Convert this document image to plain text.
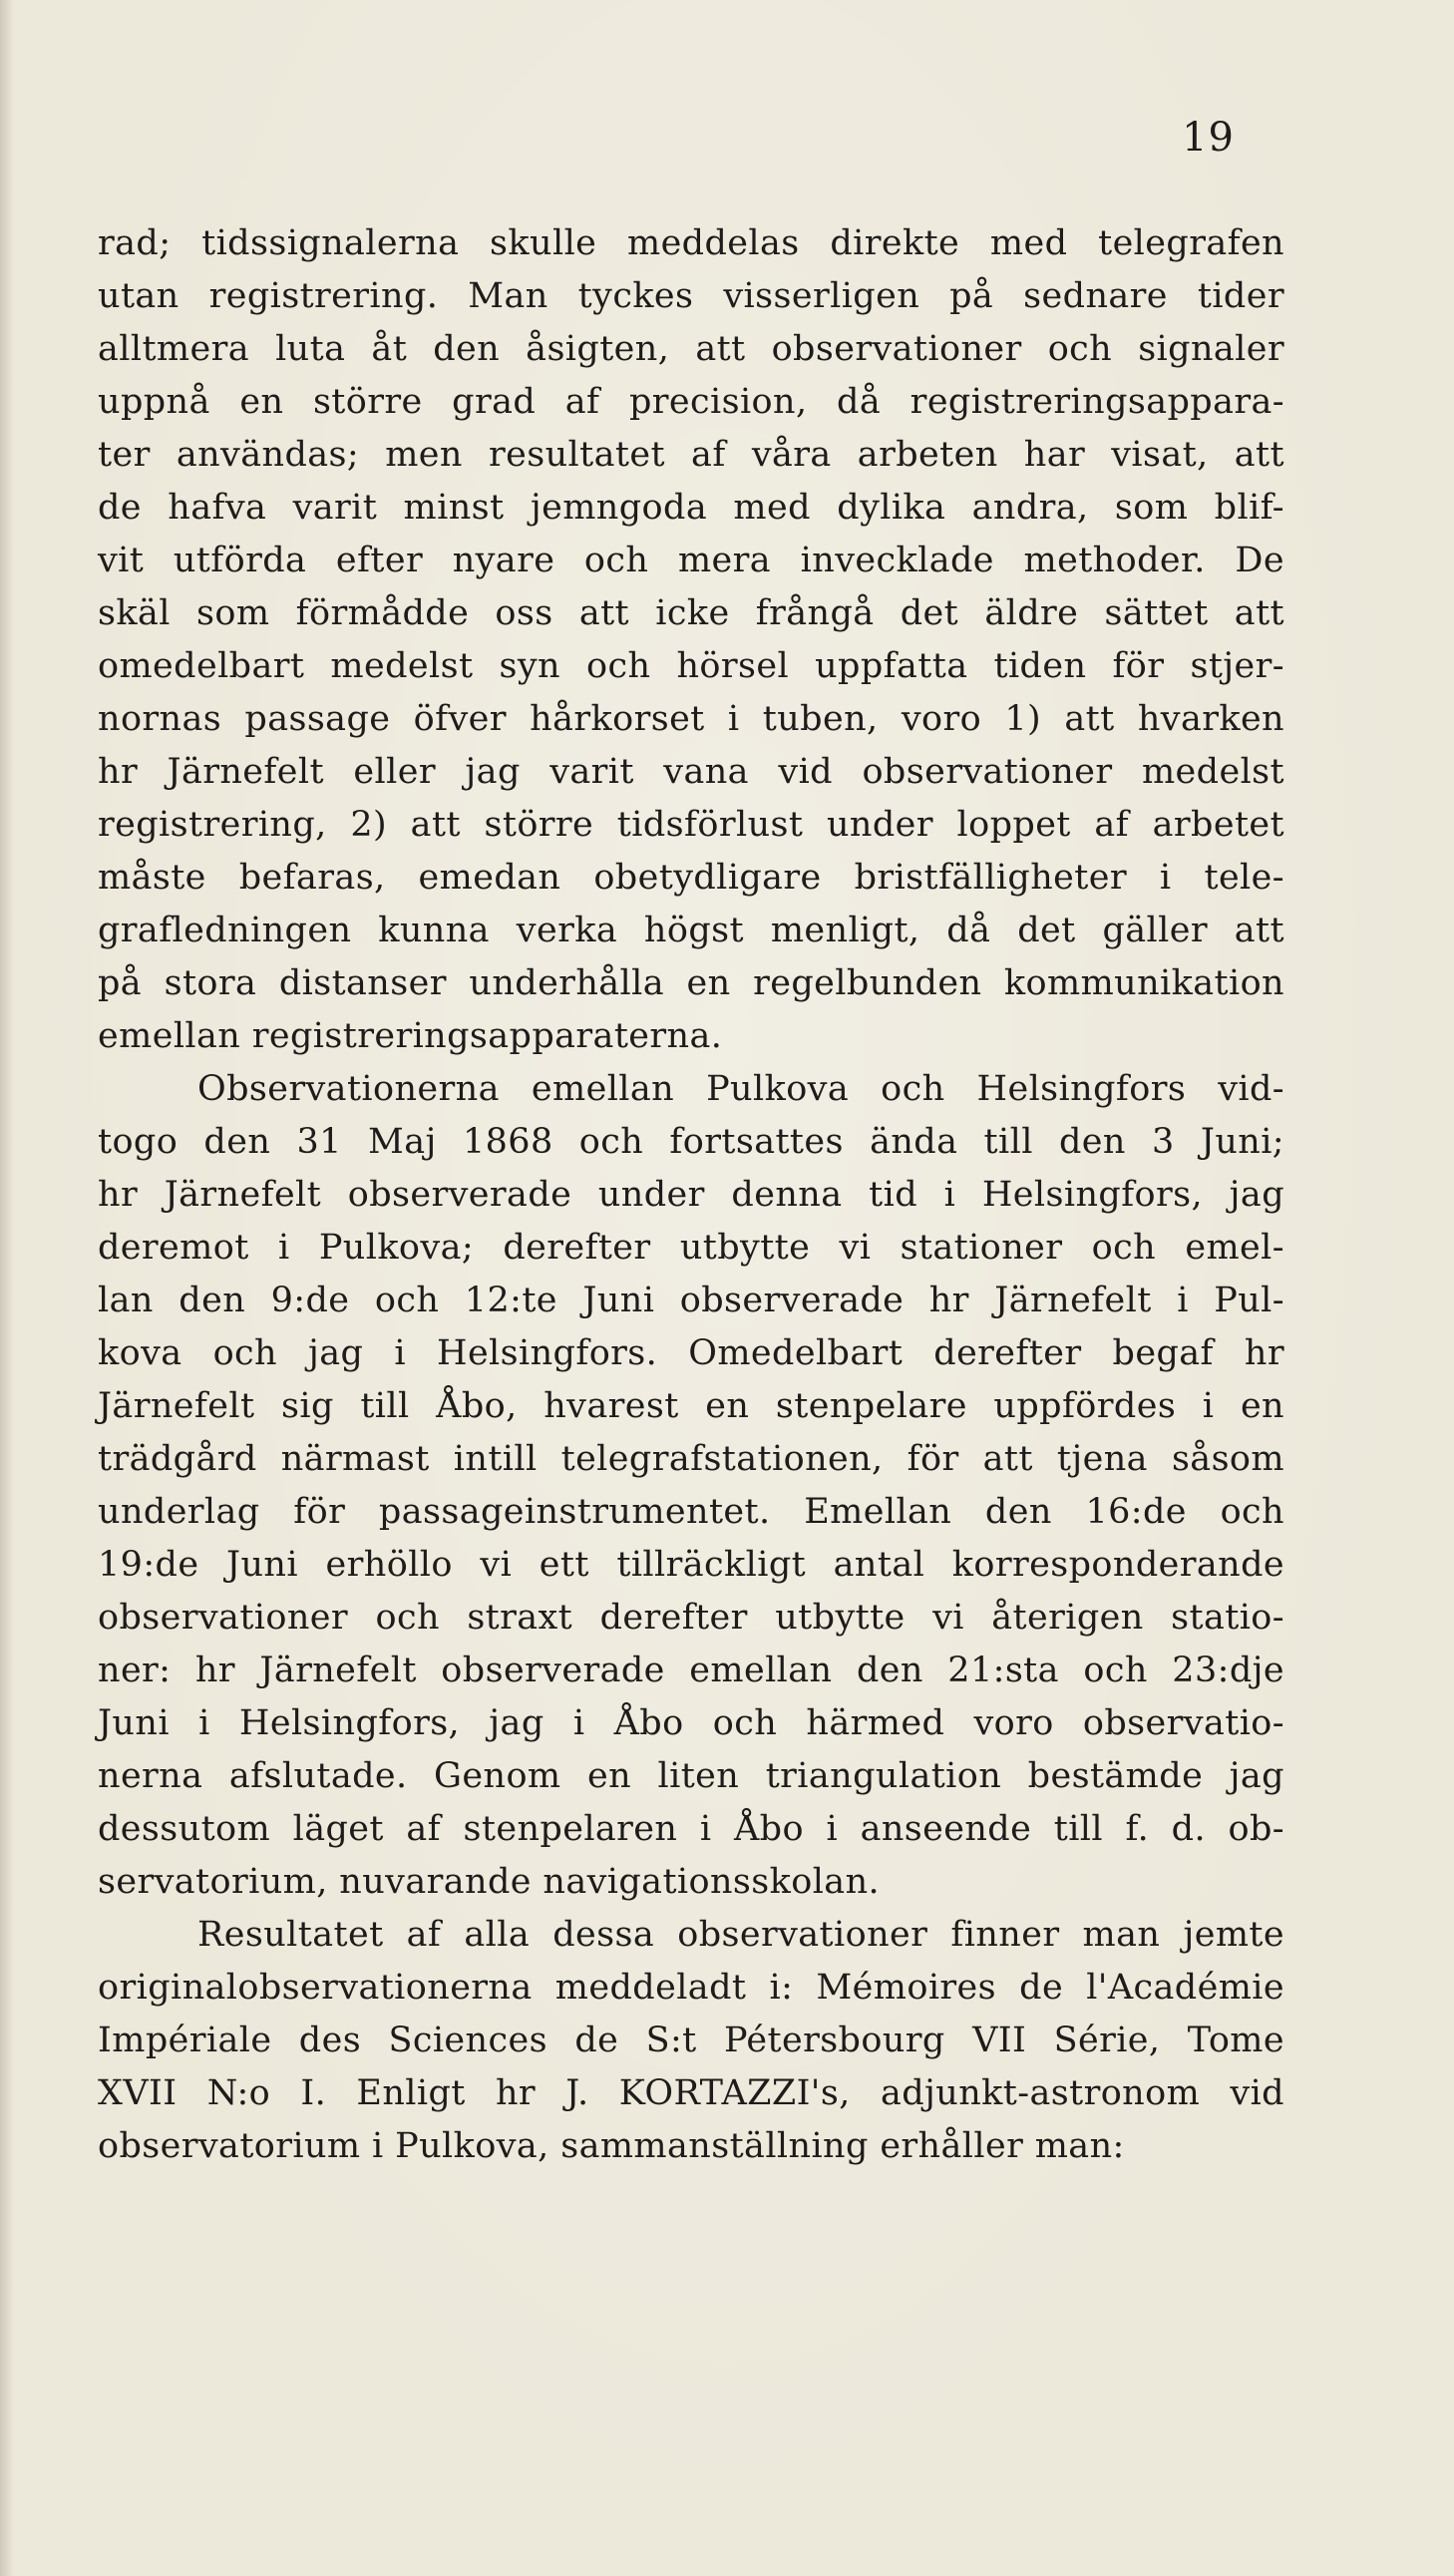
19
rad; tidssignalerna skulle meddelas direkte med telegrafen
utan registrering. Man tyckes visserligen på sednare tider
alltmera luta åt den åsigten, att observationer och signaler
uppnå en större grad af precision, då registreringsappara-
ter användas; men resultatet af våra arbeten har visat, att
de hafva varit minst jemngoda med dylika andra, som blif-
vit utförda efter nyare och mera invecklade methoder. De
skäl som förmådde oss att icke frångå det äldre sättet att
omedelbart medelst syn och hörsel uppfatta tiden för stjer-
nornas passage öfver hårkorset i tuben, voro 1) att hvarken
hr Järnefelt eller jag varit vana vid observationer medelst
registrering, 2) att större tidsförlust under loppet af arbetet
måste befaras, emedan obetydligare bristfälligheter i tele-
grafledningen kunna verka högst menligt, då det gäller att
på stora distanser underhålla en regelbunden kommunikation
emellan registreringsapparaterna.
Observationerna emellan Pulkova och Helsingfors vid-
togo den 31 Maj 1868 och fortsattes ända till den 3 Juni;
hr Järnefelt observerade under denna tid i Helsingfors, jag
deremot i Pulkova; derefter utbytte vi stationer och emel-
lan den 9:de och 12:te Juni observerade hr Järnefelt i Pul-
kova och jag i Helsingfors. Omedelbart derefter begaf hr
Järnefelt sig till Åbo, hvarest en stenpelare uppfördes i en
trädgård närmast intill telegrafstationen, för att tjena såsom
underlag för passageinstrumentet. Emellan den 16:de och
19:de Juni erhöllo vi ett tillräckligt antal korresponderande
observationer och straxt derefter utbytte vi återigen statio-
ner: hr Järnefelt observerade emellan den 21:sta och 23:dje
Juni i Helsingfors, jag i Åbo och härmed voro observatio-
nerna afslutade. Genom en liten triangulation bestämde jag
dessutom läget af stenpelaren i Åbo i anseende till f. d. ob-
servatorium, nuvarande navigationsskolan.
Resultatet af alla dessa observationer finner man jemte
originalobservationerna meddeladt i: Mémoires de l'Académie
Impériale des Sciences de S:t Pétersbourg VII Série, Tome
XVII N:o I. Enligt hr J. KORTAZZI's, adjunkt-astronom vid
observatorium i Pulkova, sammanställning erhåller man:
